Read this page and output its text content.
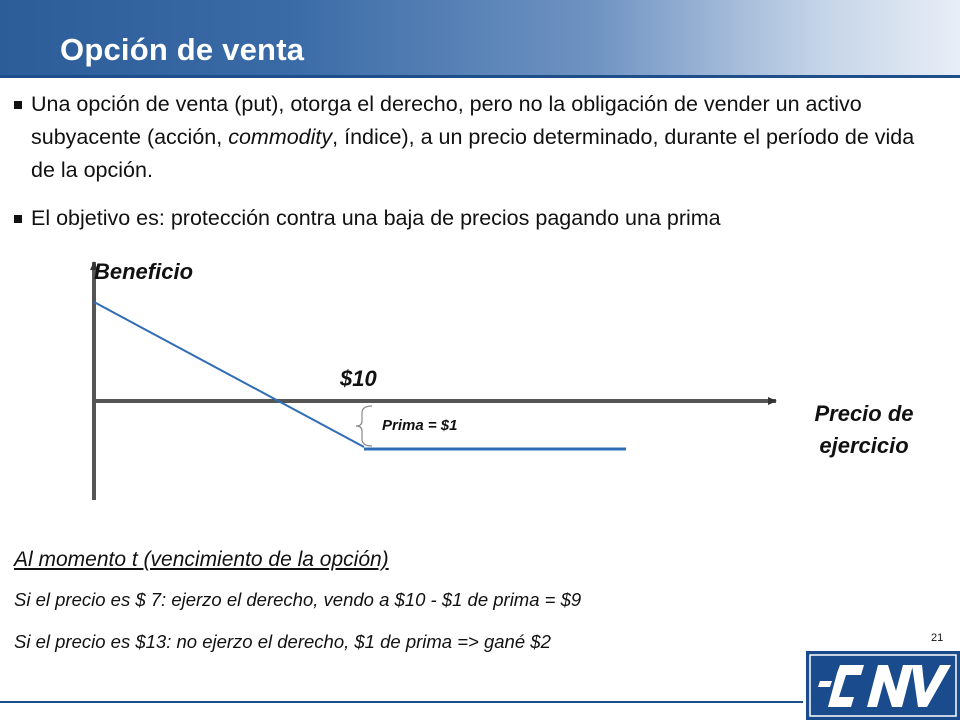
Opción de venta
Una opción de venta (put), otorga el derecho, pero no la obligación de vender un activo subyacente (acción, commodity, índice), a un precio determinado, durante el período de vida de la opción.
El objetivo es: protección contra una baja de precios pagando una prima
Beneficio
$10
Precio de
ejercicio
Prima = $1
Al momento t (vencimiento de la opción)
Si el precio es $ 7: ejerzo el derecho, vendo a $10 - $1 de prima = $9
Si el precio es $13: no ejerzo el derecho, $1 de prima => gané $2	21
